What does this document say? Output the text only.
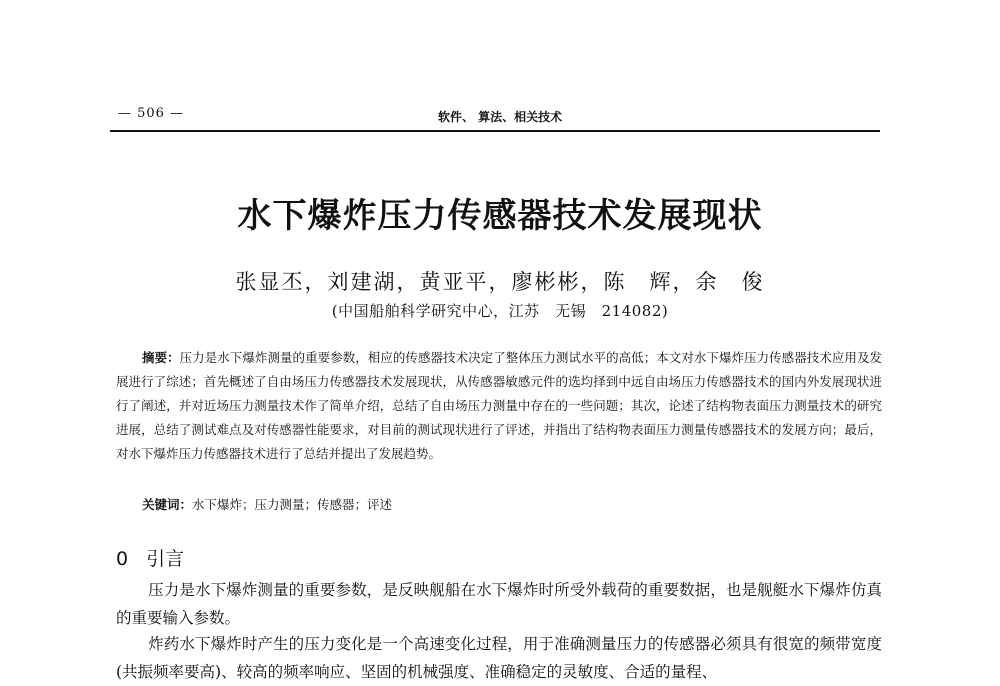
— 506 —	软件、 算法、相关技术
水下爆炸压力传感器技术发展现状
张显丕，刘建湖，黄亚平，廖彬彬，陈　辉，余　俊
(中国船舶科学研究中心，江苏　无锡　214082)
摘要：压力是水下爆炸测量的重要参数，相应的传感器技术决定了整体压力测试水平的高低；本文对水下爆炸压力传感器技术应用及发展进行了综述；首先概述了自由场压力传感器技术发展现状，从传感器敏感元件的选均择到中远自由场压力传感器技术的国内外发展现状进行了阐述，并对近场压力测量技术作了简单介绍，总结了自由场压力测量中存在的一些问题；其次，论述了结构物表面压力测量技术的研究进展，总结了测试难点及对传感器性能要求，对目前的测试现状进行了评述，并指出了结构物表面压力测量传感器技术的发展方向；最后，对水下爆炸压力传感器技术进行了总结并提出了发展趋势。
关键词：水下爆炸；压力测量；传感器；评述
0 引言
压力是水下爆炸测量的重要参数，是反映舰船在水下爆炸时所受外载荷的重要数据，也是舰艇水下爆炸仿真的重要输入参数。
炸药水下爆炸时产生的压力变化是一个高速变化过程，用于准确测量压力的传感器必须具有很宽的频带宽度(共振频率要高)、较高的频率响应、坚固的机械强度、准确稳定的灵敏度、合适的量程、
